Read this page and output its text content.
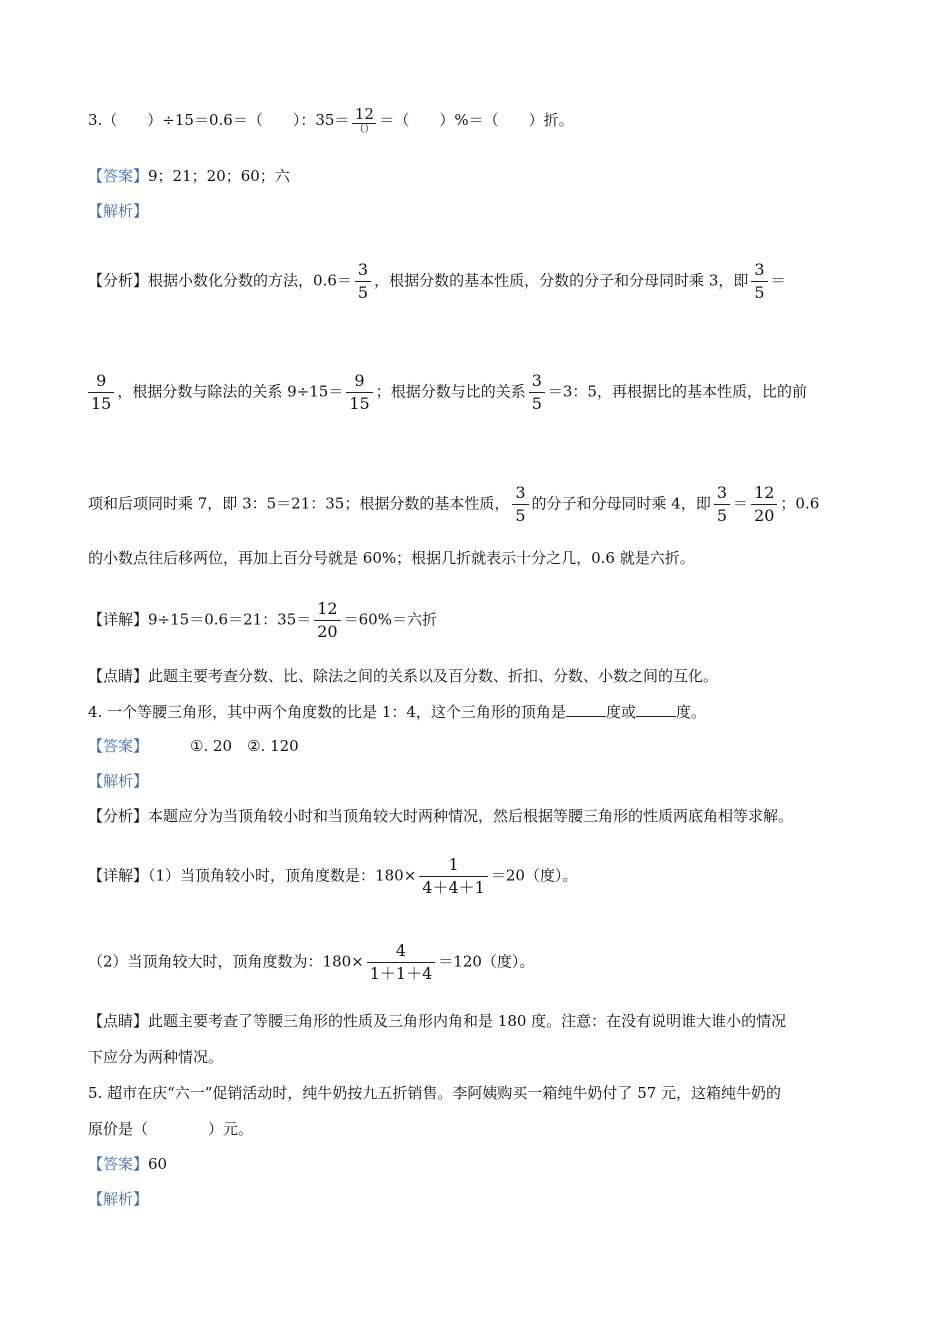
3.（　　）÷15＝0.6＝（　　）：$35= \frac{12}{()}$ ＝（　　）%＝（　　）折。
【答案】9；21；20；60；六
【解析】
【分析】根据小数化分数的方法，$0.6= \frac{3}{5}$ ，根据分数的基本性质，分数的分子和分母同时乘 3，即 $\frac{3}{5}$ ＝
$\frac{9}{15}$ ，根据分数与除法的关系 $9\div 15= \frac{9}{15}$ ；根据分数与比的关系 $\frac{3}{5} =3$：5，再根据比的基本性质，比的前
项和后项同时乘 7，即 3：5＝21：35；根据分数的基本性质， $\frac{3}{5}$ 的分子和分母同时乘 4，即 $\frac{3}{5} = \frac{12}{20}$ ；0.6
的小数点往后移两位，再加上百分号就是 60%；根据几折就表示十分之几，0.6 就是六折。
【详解】9÷15＝0.6＝21：$35= \frac{12}{20} =60\%=$六折
【点睛】此题主要考查分数、比、除法之间的关系以及百分数、折扣、分数、小数之间的互化。
4. 一个等腰三角形，其中两个角度数的比是 1：4，这个三角形的顶角是	度或	度。
【答案】	①. 20　②. 120
【解析】
【分析】本题应分为当顶角较小时和当顶角较大时两种情况，然后根据等腰三角形的性质两底角相等求解。
【详解】（1）当顶角较小时，顶角度数是：$180\times \frac{1}{4+4+1} =20$（度）。
（2）当顶角较大时，顶角度数为：$180\times \frac{4}{1+1+4} =120$（度）。
【点睛】此题主要考查了等腰三角形的性质及三角形内角和是 180 度。注意：在没有说明谁大谁小的情况
下应分为两种情况。
5. 超市在庆“六一”促销活动时，纯牛奶按九五折销售。李阿姨购买一箱纯牛奶付了 57 元，这箱纯牛奶的
原价是（　　　　）元。
【答案】60
【解析】
